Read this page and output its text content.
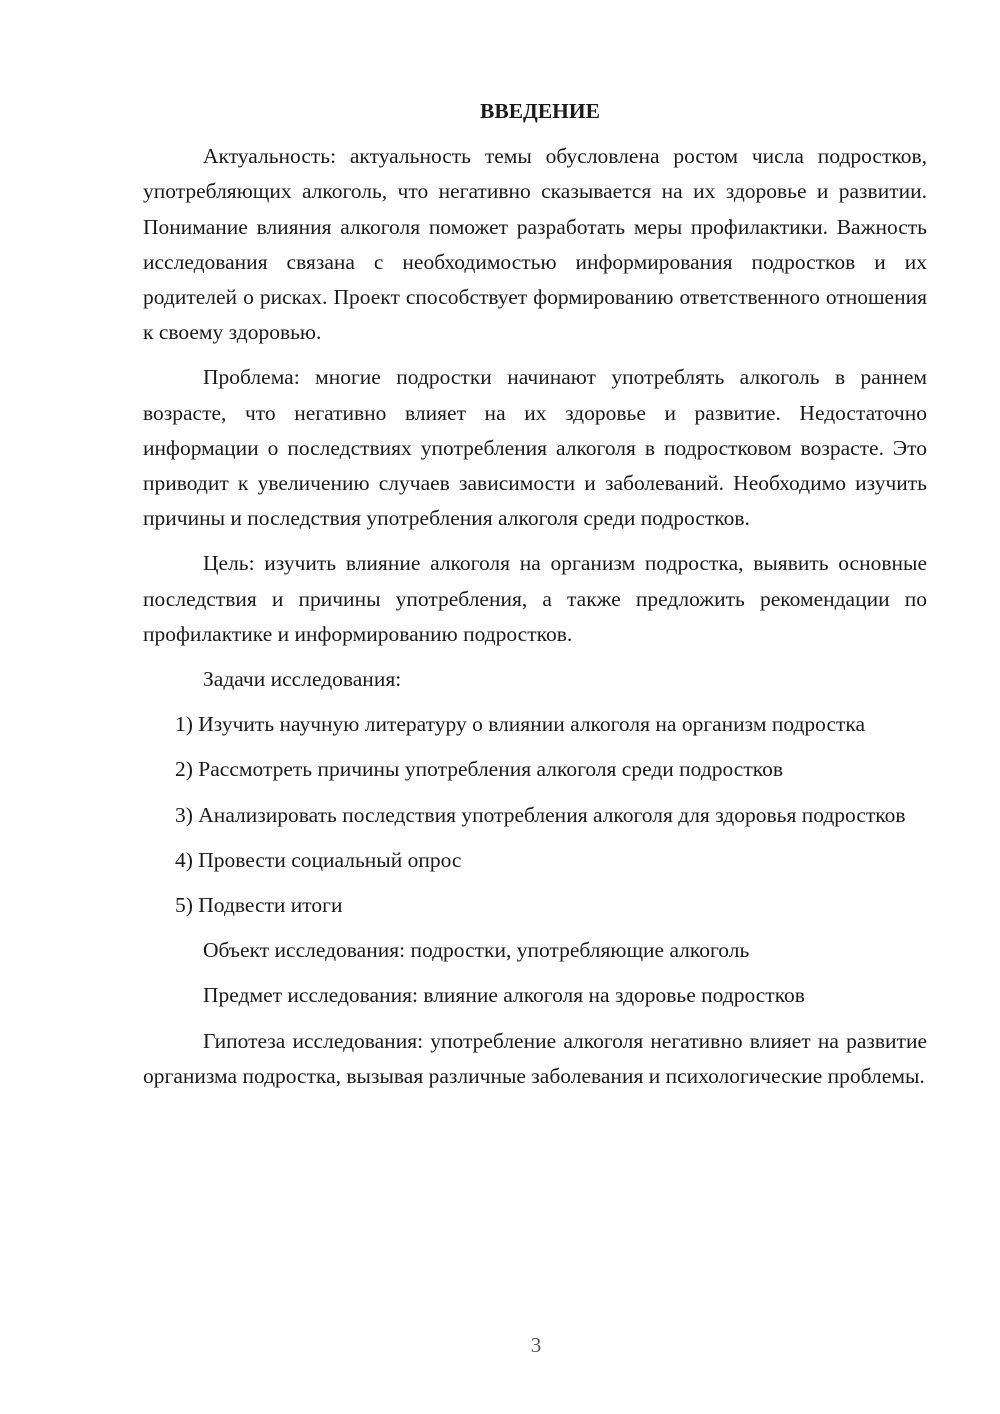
ВВЕДЕНИЕ

Актуальность: актуальность темы обусловлена ростом числа подростков, употребляющих алкоголь, что негативно сказывается на их здоровье и развитии. Понимание влияния алкоголя поможет разработать меры профилактики. Важность исследования связана с необходимостью информирования подростков и их родителей о рисках. Проект способствует формированию ответственного отношения к своему здоровью.

Проблема: многие подростки начинают употреблять алкоголь в раннем возрасте, что негативно влияет на их здоровье и развитие. Недостаточно информации о последствиях употребления алкоголя в подростковом возрасте. Это приводит к увеличению случаев зависимости и заболеваний. Необходимо изучить причины и последствия употребления алкоголя среди подростков.

Цель: изучить влияние алкоголя на организм подростка, выявить основные последствия и причины употребления, а также предложить рекомендации по профилактике и информированию подростков.

Задачи исследования:

1) Изучить научную литературу о влиянии алкоголя на организм подростка

2) Рассмотреть причины употребления алкоголя среди подростков

3) Анализировать последствия употребления алкоголя для здоровья подростков

4) Провести социальный опрос

5) Подвести итоги

Объект исследования: подростки, употребляющие алкоголь

Предмет исследования: влияние алкоголя на здоровье подростков

Гипотеза исследования: употребление алкоголя негативно влияет на развитие организма подростка, вызывая различные заболевания и психологические проблемы.

3
